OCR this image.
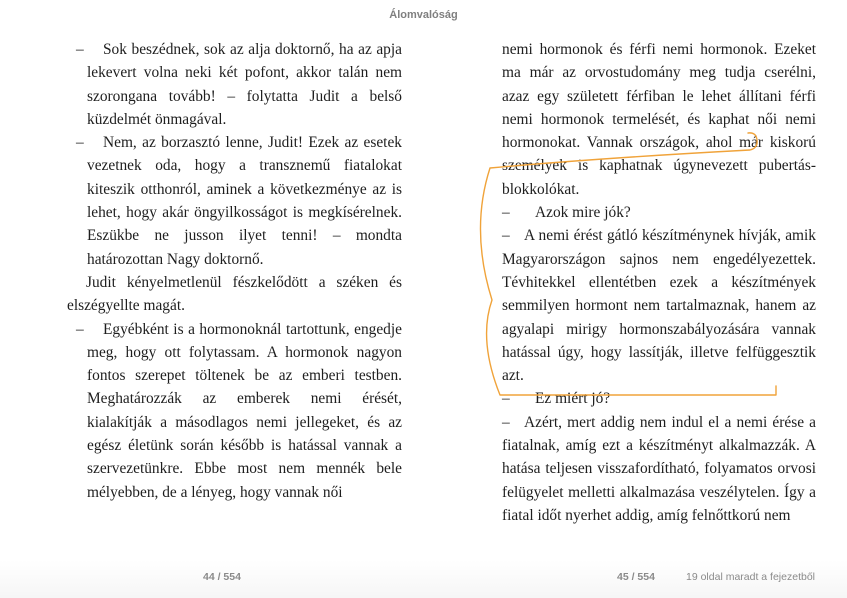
Álomvalóság

– Sok beszédnek, sok az alja doktornő, ha az apja lekevert volna neki két pofont, akkor talán nem szorongana tovább! – folytatta Judit a belső küzdelmét önmagával.

– Nem, az borzasztó lenne, Judit! Ezek az esetek vezetnek oda, hogy a transznemű fiatalokat kiteszik otthonról, aminek a következménye az is lehet, hogy akár öngyilkosságot is megkísérelnek. Eszükbe ne jusson ilyet tenni! – mondta határozottan Nagy doktornő.

Judit kényelmetlenül fészkelődött a széken és elszégyellte magát.

– Egyébként is a hormonoknál tartottunk, engedje meg, hogy ott folytassam. A hormonok nagyon fontos szerepet töltenek be az emberi testben. Meghatározzák az emberek nemi érését, kialakítják a másodlagos nemi jellegeket, és az egész életünk során később is hatással vannak a szervezetünkre. Ebbe most nem mennék bele mélyebben, de a lényeg, hogy vannak női

nemi hormonok és férfi nemi hormonok. Ezeket ma már az orvostudomány meg tudja cserélni, azaz egy született férfiban le lehet állítani férfi nemi hormonok termelését, és kaphat női nemi hormonokat. Vannak országok, ahol már kiskorú személyek is kaphatnak úgynevezett pubertás-blokkolókat.

– Azok mire jók?

– A nemi érést gátló készítménynek hívják, amik Magyarországon sajnos nem engedélyezettek. Tévhitekkel ellentétben ezek a készítmények semmilyen hormont nem tartalmaznak, hanem az agyalapi mirigy hormonszabályozására vannak hatással úgy, hogy lassítják, illetve felfüggesztik azt.

– Ez miért jó?

– Azért, mert addig nem indul el a nemi érése a fiatalnak, amíg ezt a készítményt alkalmazzák. A hatása teljesen visszafordítható, folyamatos orvosi felügyelet melletti alkalmazása veszélytelen. Így a fiatal időt nyerhet addig, amíg felnőttkorú nem

44 / 554	45 / 554	19 oldal maradt a fejezetből
